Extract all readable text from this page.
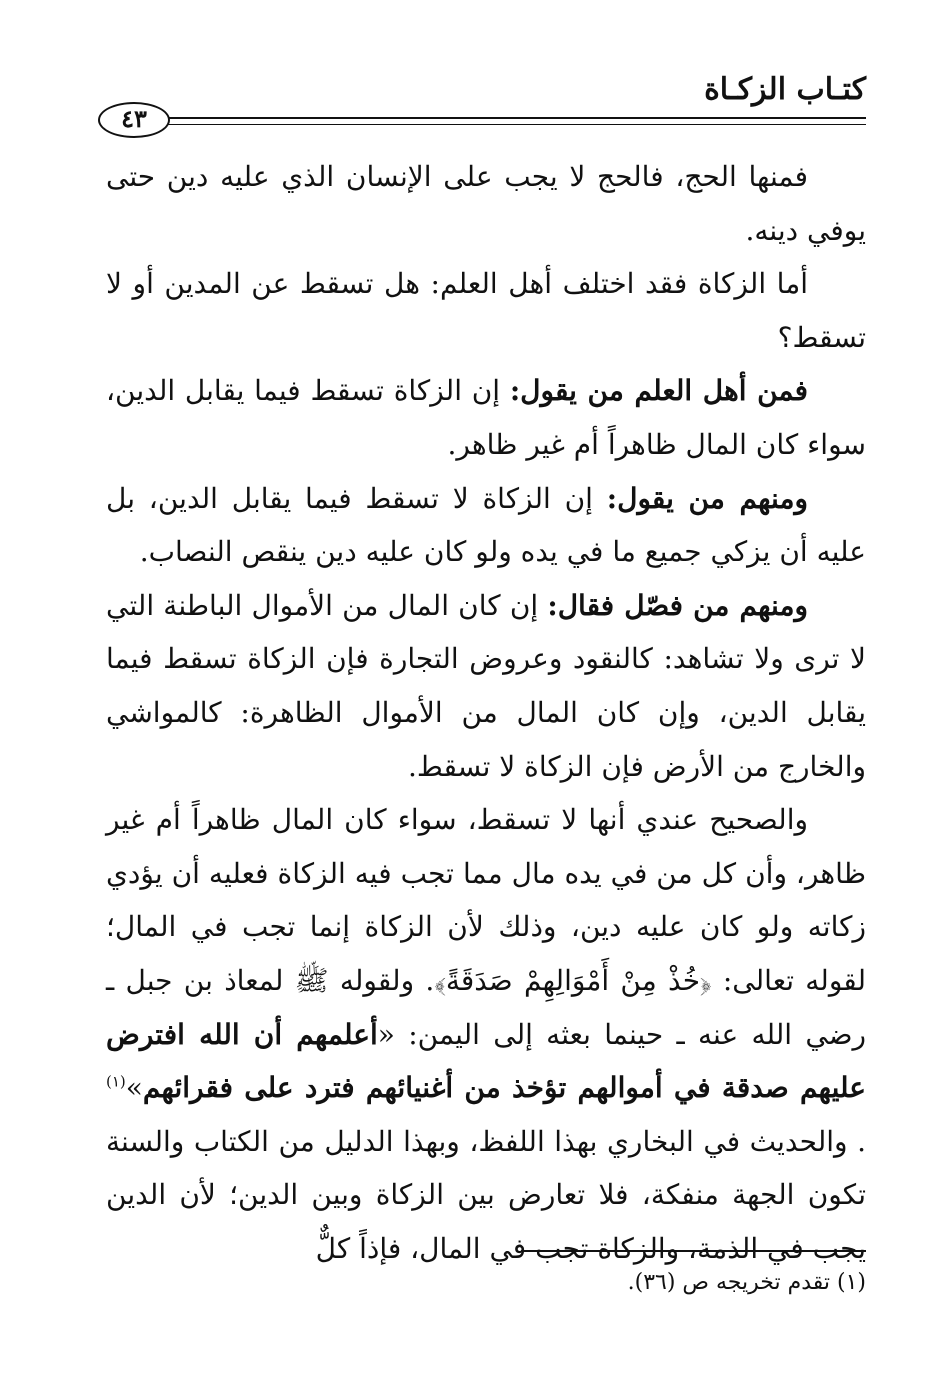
كتـاب الزكـاة
٤٣

فمنها الحج، فالحج لا يجب على الإنسان الذي عليه دين حتى يوفي دينه.

أما الزكاة فقد اختلف أهل العلم: هل تسقط عن المدين أو لا تسقط؟

فمن أهل العلم من يقول: إن الزكاة تسقط فيما يقابل الدين، سواء كان المال ظاهراً أم غير ظاهر.

ومنهم من يقول: إن الزكاة لا تسقط فيما يقابل الدين، بل عليه أن يزكي جميع ما في يده ولو كان عليه دين ينقص النصاب.

ومنهم من فصّل فقال: إن كان المال من الأموال الباطنة التي لا ترى ولا تشاهد: كالنقود وعروض التجارة فإن الزكاة تسقط فيما يقابل الدين، وإن كان المال من الأموال الظاهرة: كالمواشي والخارج من الأرض فإن الزكاة لا تسقط.

والصحيح عندي أنها لا تسقط، سواء كان المال ظاهراً أم غير ظاهر، وأن كل من في يده مال مما تجب فيه الزكاة فعليه أن يؤدي زكاته ولو كان عليه دين، وذلك لأن الزكاة إنما تجب في المال؛ لقوله تعالى: ﴿خُذْ مِنْ أَمْوَالِهِمْ صَدَقَةً﴾. ولقوله ﷺ لمعاذ بن جبل ـ رضي الله عنه ـ حينما بعثه إلى اليمن: «أعلمهم أن الله افترض عليهم صدقة في أموالهم تؤخذ من أغنيائهم فترد على فقرائهم»$^{(١)}$ . والحديث في البخاري بهذا اللفظ، وبهذا الدليل من الكتاب والسنة تكون الجهة منفكة، فلا تعارض بين الزكاة وبين الدين؛ لأن الدين يجب في الذمة، والزكاة تجب في المال، فإذاً كلٌّ

(١) تقدم تخريجه ص (٣٦).
